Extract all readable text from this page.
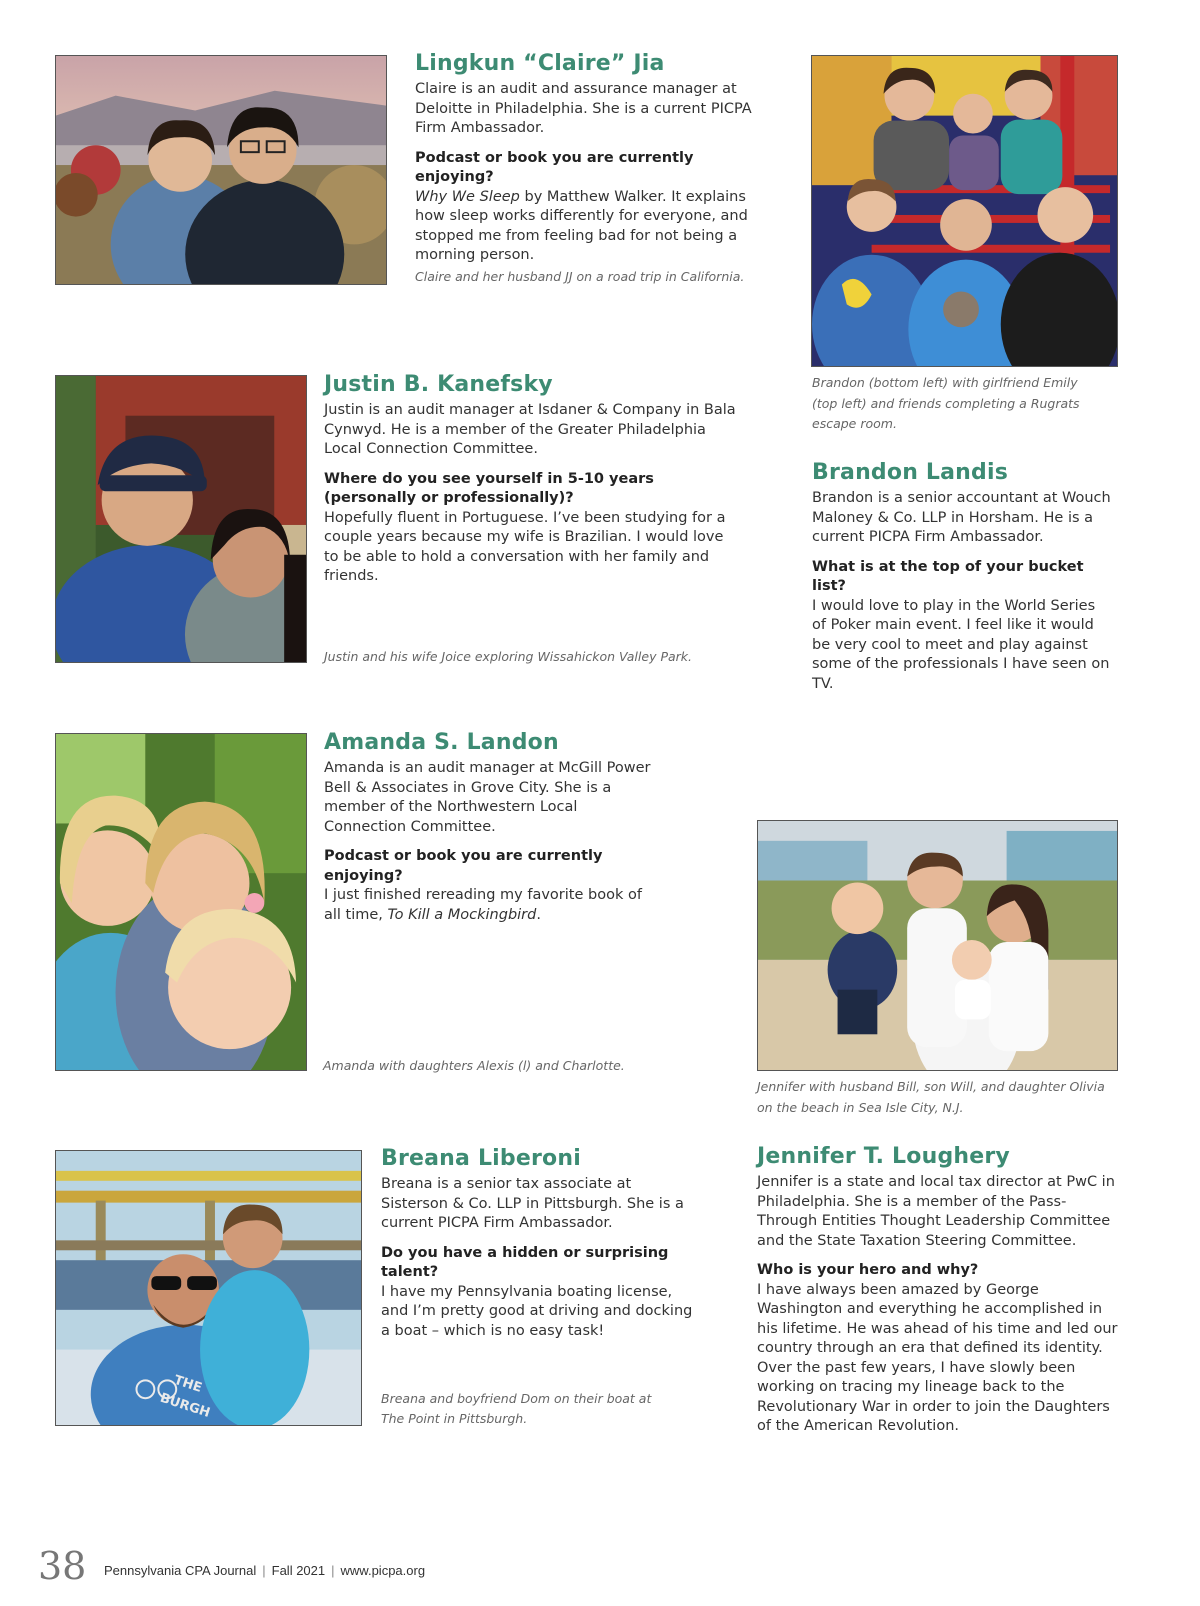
Lingkun “Claire” Jia

Claire is an audit and assurance manager at Deloitte in Philadelphia. She is a current PICPA Firm Ambassador.

Podcast or book you are currently enjoying?

Why We Sleep by Matthew Walker. It explains how sleep works differently for everyone, and stopped me from feeling bad for not being a morning person.

Claire and her husband JJ on a road trip in California.
Brandon (bottom left) with girlfriend Emily (top left) and friends completing a Rugrats escape room.
Justin B. Kanefsky

Justin is an audit manager at Isdaner & Company in Bala Cynwyd. He is a member of the Greater Philadelphia Local Connection Committee.

Where do you see yourself in 5-10 years (personally or professionally)?

Hopefully fluent in Portuguese. I’ve been studying for a couple years because my wife is Brazilian. I would love to be able to hold a conversation with her family and friends.

Justin and his wife Joice exploring Wissahickon Valley Park.
Brandon Landis

Brandon is a senior accountant at Wouch Maloney & Co. LLP in Horsham. He is a current PICPA Firm Ambassador.

What is at the top of your bucket list?

I would love to play in the World Series of Poker main event. I feel like it would be very cool to meet and play against some of the professionals I have seen on TV.

Amanda S. Landon

Amanda is an audit manager at McGill Power Bell & Associates in Grove City. She is a member of the Northwestern Local Connection Committee.

Podcast or book you are currently enjoying?

I just finished rereading my favorite book of all time, To Kill a Mockingbird.

Amanda with daughters Alexis (l) and Charlotte.
Jennifer with husband Bill, son Will, and daughter Olivia on the beach in Sea Isle City, N.J.
THE
BURGH
Breana Liberoni

Breana is a senior tax associate at Sisterson & Co. LLP in Pittsburgh. She is a current PICPA Firm Ambassador.

Do you have a hidden or surprising talent?

I have my Pennsylvania boating license, and I’m pretty good at driving and docking a boat – which is no easy task!

Breana and boyfriend Dom on their boat at The Point in Pittsburgh.
Jennifer T. Loughery

Jennifer is a state and local tax director at PwC in Philadelphia. She is a member of the Pass-Through Entities Thought Leadership Committee and the State Taxation Steering Committee.

Who is your hero and why?

I have always been amazed by George Washington and everything he accomplished in his lifetime. He was ahead of his time and led our country through an era that defined its identity. Over the past few years, I have slowly been working on tracing my lineage back to the Revolutionary War in order to join the Daughters of the American Revolution.

38 Pennsylvania CPA Journal | Fall 2021 | www.picpa.org
